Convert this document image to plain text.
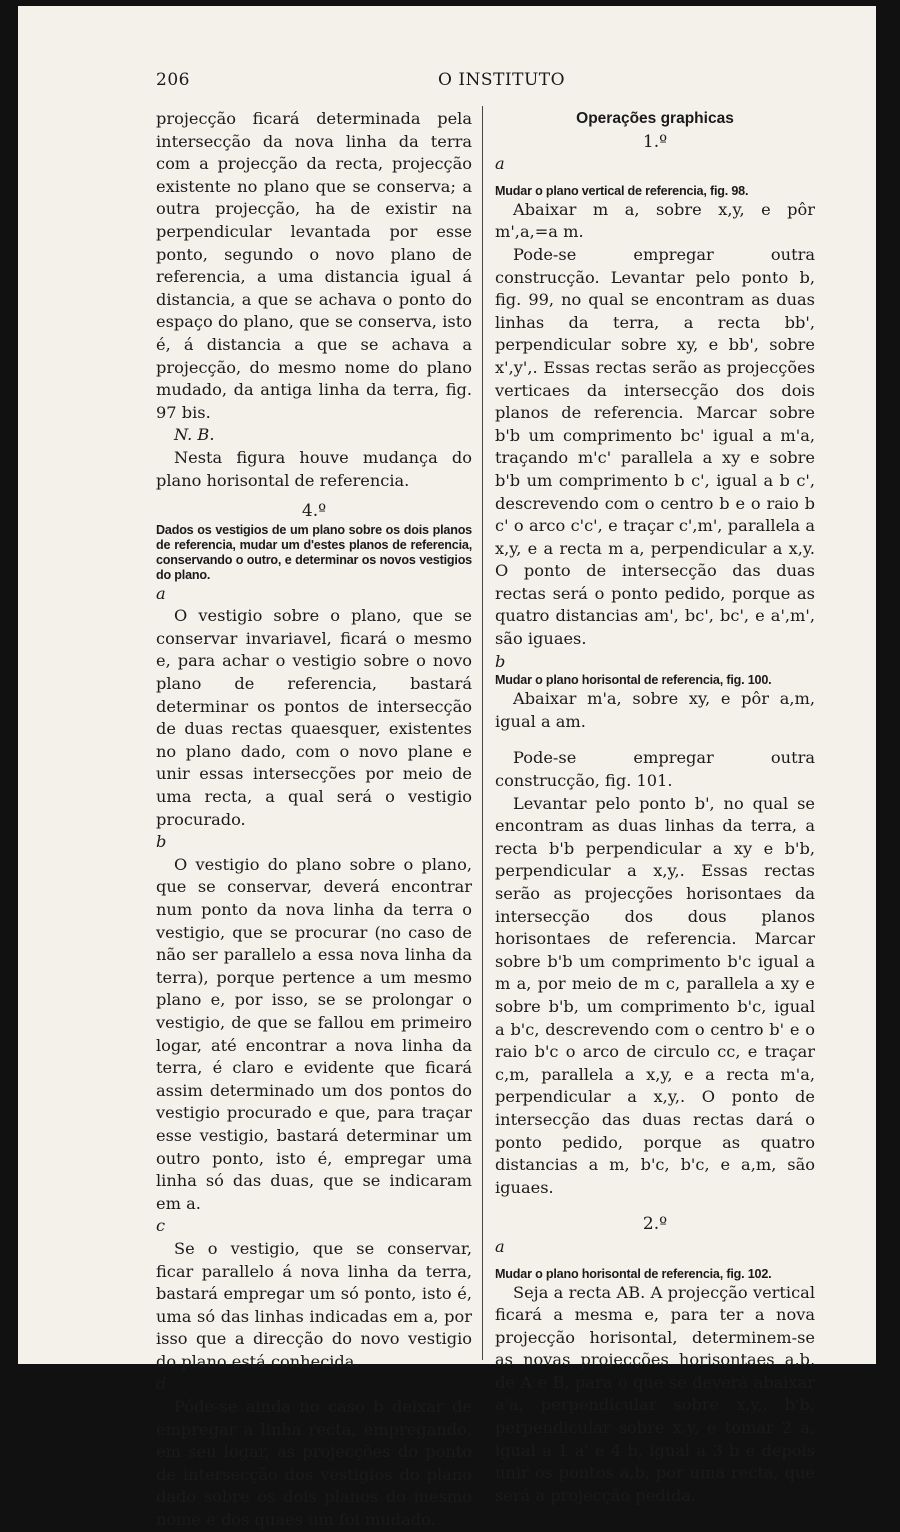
206	O INSTITUTO

projecção ficará determinada pela intersecção da nova linha da terra com a projecção da recta, projecção existente no plano que se conserva; a outra projecção, ha de existir na perpendicular levantada por esse ponto, segundo o novo plano de referencia, a uma distancia igual á distancia, a que se achava o ponto do espaço do plano, que se conserva, isto é, á distancia a que se achava a projecção, do mesmo nome do plano mudado, da antiga linha da terra, fig. 97 bis.

N. B.

Nesta figura houve mudança do plano horisontal de referencia.

4.º

Dados os vestigios de um plano sobre os dois planos de referencia, mudar um d'estes planos de referencia, conservando o outro, e determinar os novos vestigios do plano.

a

O vestigio sobre o plano, que se conservar invariavel, ficará o mesmo e, para achar o vestigio sobre o novo plano de referencia, bastará determinar os pontos de intersecção de duas rectas quaesquer, existentes no plano dado, com o novo plane e unir essas intersecções por meio de uma recta, a qual será o vestigio procurado.

b

O vestigio do plano sobre o plano, que se conservar, deverá encontrar num ponto da nova linha da terra o vestigio, que se procurar (no caso de não ser parallelo a essa nova linha da terra), porque pertence a um mesmo plano e, por isso, se se prolongar o vestigio, de que se fallou em primeiro logar, até encontrar a nova linha da terra, é claro e evidente que ficará assim determinado um dos pontos do vestigio procurado e que, para traçar esse vestigio, bastará determinar um outro ponto, isto é, empregar uma linha só das duas, que se indicaram em a.

c

Se o vestigio, que se conservar, ficar parallelo á nova linha da terra, bastará empregar um só ponto, isto é, uma só das linhas indicadas em a, por isso que a direcção do novo vestigio do plano está conhecida.

d

Póde-se ainda no caso b deixar de empregar a linha recta, empregando, em seu logar, as projecções do ponto de intersecção dos vestigios do plano dado sobre os dois planos do mesmo nome e dos quaes um foi mudado.

Operações graphicas

1.º

a

Mudar o plano vertical de referencia, fig. 98.

Abaixar m a, sobre x,y, e pôr m',a,=a m.

Pode-se empregar outra construcção. Levantar pelo ponto b, fig. 99, no qual se encontram as duas linhas da terra, a recta bb', perpendicular sobre xy, e bb', sobre x',y',. Essas rectas serão as projecções verticaes da intersecção dos dois planos de referencia. Marcar sobre b'b um comprimento bc' igual a m'a, traçando m'c' parallela a xy e sobre b'b um comprimento b c', igual a b c', descrevendo com o centro b e o raio b c' o arco c'c', e traçar c',m', parallela a x,y, e a recta m a, perpendicular a x,y. O ponto de intersecção das duas rectas será o ponto pedido, porque as quatro distancias am', bc', bc', e a',m', são iguaes.

b

Mudar o plano horisontal de referencia, fig. 100.

Abaixar m'a, sobre xy, e pôr a,m, igual a am.

Pode-se empregar outra construcção, fig. 101.

Levantar pelo ponto b', no qual se encontram as duas linhas da terra, a recta b'b perpendicular a xy e b'b, perpendicular a x,y,. Essas rectas serão as projecções horisontaes da intersecção dos dous planos horisontaes de referencia. Marcar sobre b'b um comprimento b'c igual a m a, por meio de m c, parallela a xy e sobre b'b, um comprimento b'c, igual a b'c, descrevendo com o centro b' e o raio b'c o arco de circulo cc, e traçar c,m, parallela a x,y, e a recta m'a, perpendicular a x,y,. O ponto de intersecção das duas rectas dará o ponto pedido, porque as quatro distancias a m, b'c, b'c, e a,m, são iguaes.

2.º

a

Mudar o plano horisontal de referencia, fig. 102.

Seja a recta AB. A projecção vertical ficará a mesma e, para ter a nova projecção horisontal, determinem-se as novas projecções horisontaes a,b, de A e B, para o que se deverá abaixar a'a, perpendicular sobre x,y,, b'b, perpendicular sobre x,y, e tomar 2 a, igual a 1 a' e 4 b, igual a 3 b e depois unir os pontos a,b, por uma recta, que será a projecção pedida.
